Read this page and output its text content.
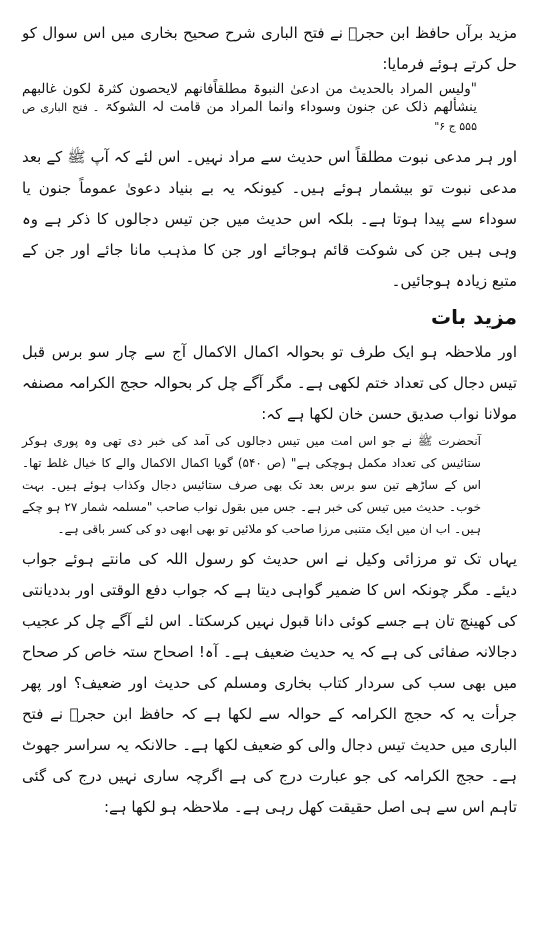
مزید برآں حافظ ابن حجرؒ نے فتح الباری شرح صحیح بخاری میں اس سوال کو حل کرتے ہوئے فرمایا:

"ولیس المراد بالحدیث من ادعیٰ النبوۃ مطلقاًفانھم لایحصون کثرۃ لکون غالبھم ینشألھم ذلک عن جنون وسوداء وانما المراد من قامت لہ الشوکۃ ۔ فتح الباری ص ۵۵۵ ج ۶"

اور ہر مدعی نبوت مطلقاً اس حدیث سے مراد نہیں۔ اس لئے کہ آپ ﷺ کے بعد مدعی نبوت تو بیشمار ہوئے ہیں۔ کیونکہ یہ بے بنیاد دعویٰ عموماً جنون یا سوداء سے پیدا ہوتا ہے۔ بلکہ اس حدیث میں جن تیس دجالوں کا ذکر ہے وہ وہی ہیں جن کی شوکت قائم ہوجائے اور جن کا مذہب مانا جائے اور جن کے متبع زیادہ ہوجائیں۔

مزید بات

اور ملاحظہ ہو ایک طرف تو بحوالہ اکمال الاکمال آج سے چار سو برس قبل تیس دجال کی تعداد ختم لکھی ہے۔ مگر آگے چل کر بحوالہ حجج الکرامہ مصنفہ مولانا نواب صدیق حسن خان لکھا ہے کہ:

آنحضرت ﷺ نے جو اس امت میں تیس دجالوں کی آمد کی خبر دی تھی وہ پوری ہوکر ستائیس کی تعداد مکمل ہوچکی ہے" (ص ۵۴۰) گویا اکمال الاکمال والے کا خیال غلط تھا۔ اس کے ساڑھے تین سو برس بعد تک بھی صرف ستائیس دجال وکذاب ہوئے ہیں۔ بہت خوب۔ حدیث میں تیس کی خبر ہے۔ جس میں بقول نواب صاحب "مسلمہ شمار ۲۷ ہو چکے ہیں۔ اب ان میں ایک متنبی مرزا صاحب کو ملائیں تو بھی ابھی دو کی کسر باقی ہے۔

یہاں تک تو مرزائی وکیل نے اس حدیث کو رسول اللہ کی مانتے ہوئے جواب دیئے۔ مگر چونکہ اس کا ضمیر گواہی دیتا ہے کہ جواب دفع الوقتی اور بددیانتی کی کھینچ تان ہے جسے کوئی دانا قبول نہیں کرسکتا۔ اس لئے آگے چل کر عجیب دجالانہ صفائی کی ہے کہ یہ حدیث ضعیف ہے۔ آہ! اصحاح ستہ خاص کر صحاح میں بھی سب کی سردار کتاب بخاری ومسلم کی حدیث اور ضعیف؟ اور پھر جرأت یہ کہ حجج الکرامہ کے حوالہ سے لکھا ہے کہ حافظ ابن حجرؒ نے فتح الباری میں حدیث تیس دجال والی کو ضعیف لکھا ہے۔ حالانکہ یہ سراسر جھوٹ ہے۔ حجج الکرامہ کی جو عبارت درج کی ہے اگرچہ ساری نہیں درج کی گئی تاہم اس سے ہی اصل حقیقت کھل رہی ہے۔ ملاحظہ ہو لکھا ہے:
